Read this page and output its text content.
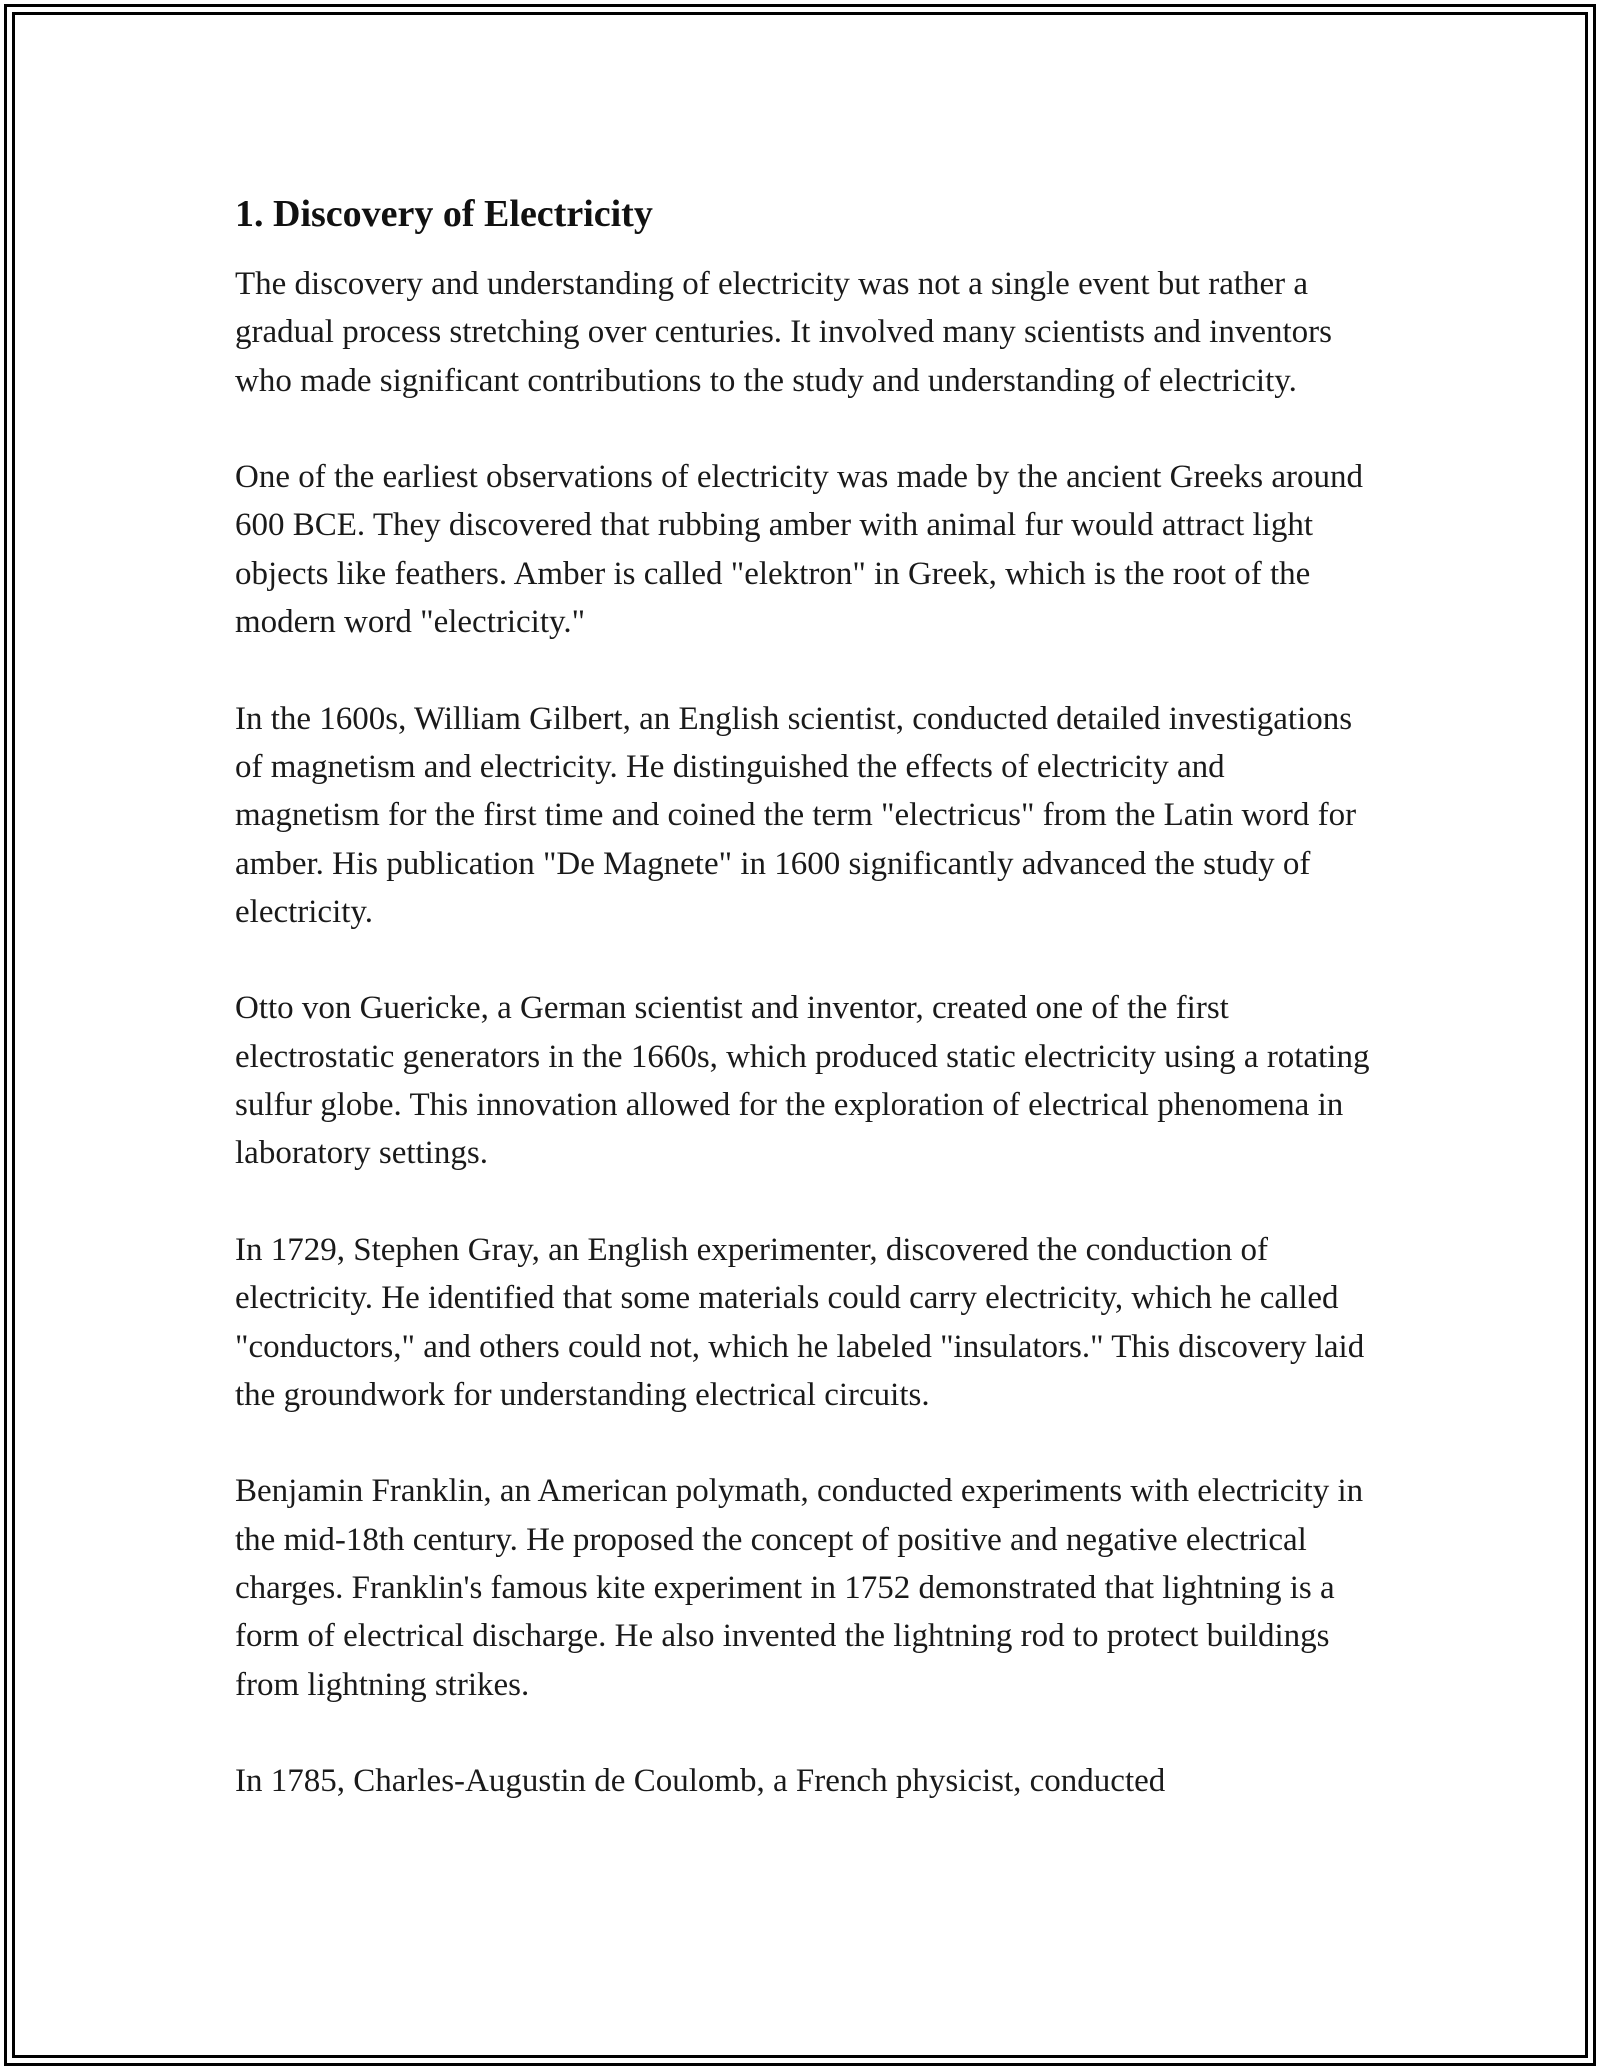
1. Discovery of Electricity

The discovery and understanding of electricity was not a single event but rather a gradual process stretching over centuries. It involved many scientists and inventors who made significant contributions to the study and understanding of electricity.

One of the earliest observations of electricity was made by the ancient Greeks around 600 BCE. They discovered that rubbing amber with animal fur would attract light objects like feathers. Amber is called "elektron" in Greek, which is the root of the modern word "electricity."

In the 1600s, William Gilbert, an English scientist, conducted detailed investigations of magnetism and electricity. He distinguished the effects of electricity and magnetism for the first time and coined the term "electricus" from the Latin word for amber. His publication "De Magnete" in 1600 significantly advanced the study of electricity.

Otto von Guericke, a German scientist and inventor, created one of the first electrostatic generators in the 1660s, which produced static electricity using a rotating sulfur globe. This innovation allowed for the exploration of electrical phenomena in laboratory settings.

In 1729, Stephen Gray, an English experimenter, discovered the conduction of electricity. He identified that some materials could carry electricity, which he called "conductors," and others could not, which he labeled "insulators." This discovery laid the groundwork for understanding electrical circuits.

Benjamin Franklin, an American polymath, conducted experiments with electricity in the mid-18th century. He proposed the concept of positive and negative electrical charges. Franklin's famous kite experiment in 1752 demonstrated that lightning is a form of electrical discharge. He also invented the lightning rod to protect buildings from lightning strikes.

In 1785, Charles-Augustin de Coulomb, a French physicist, conducted
